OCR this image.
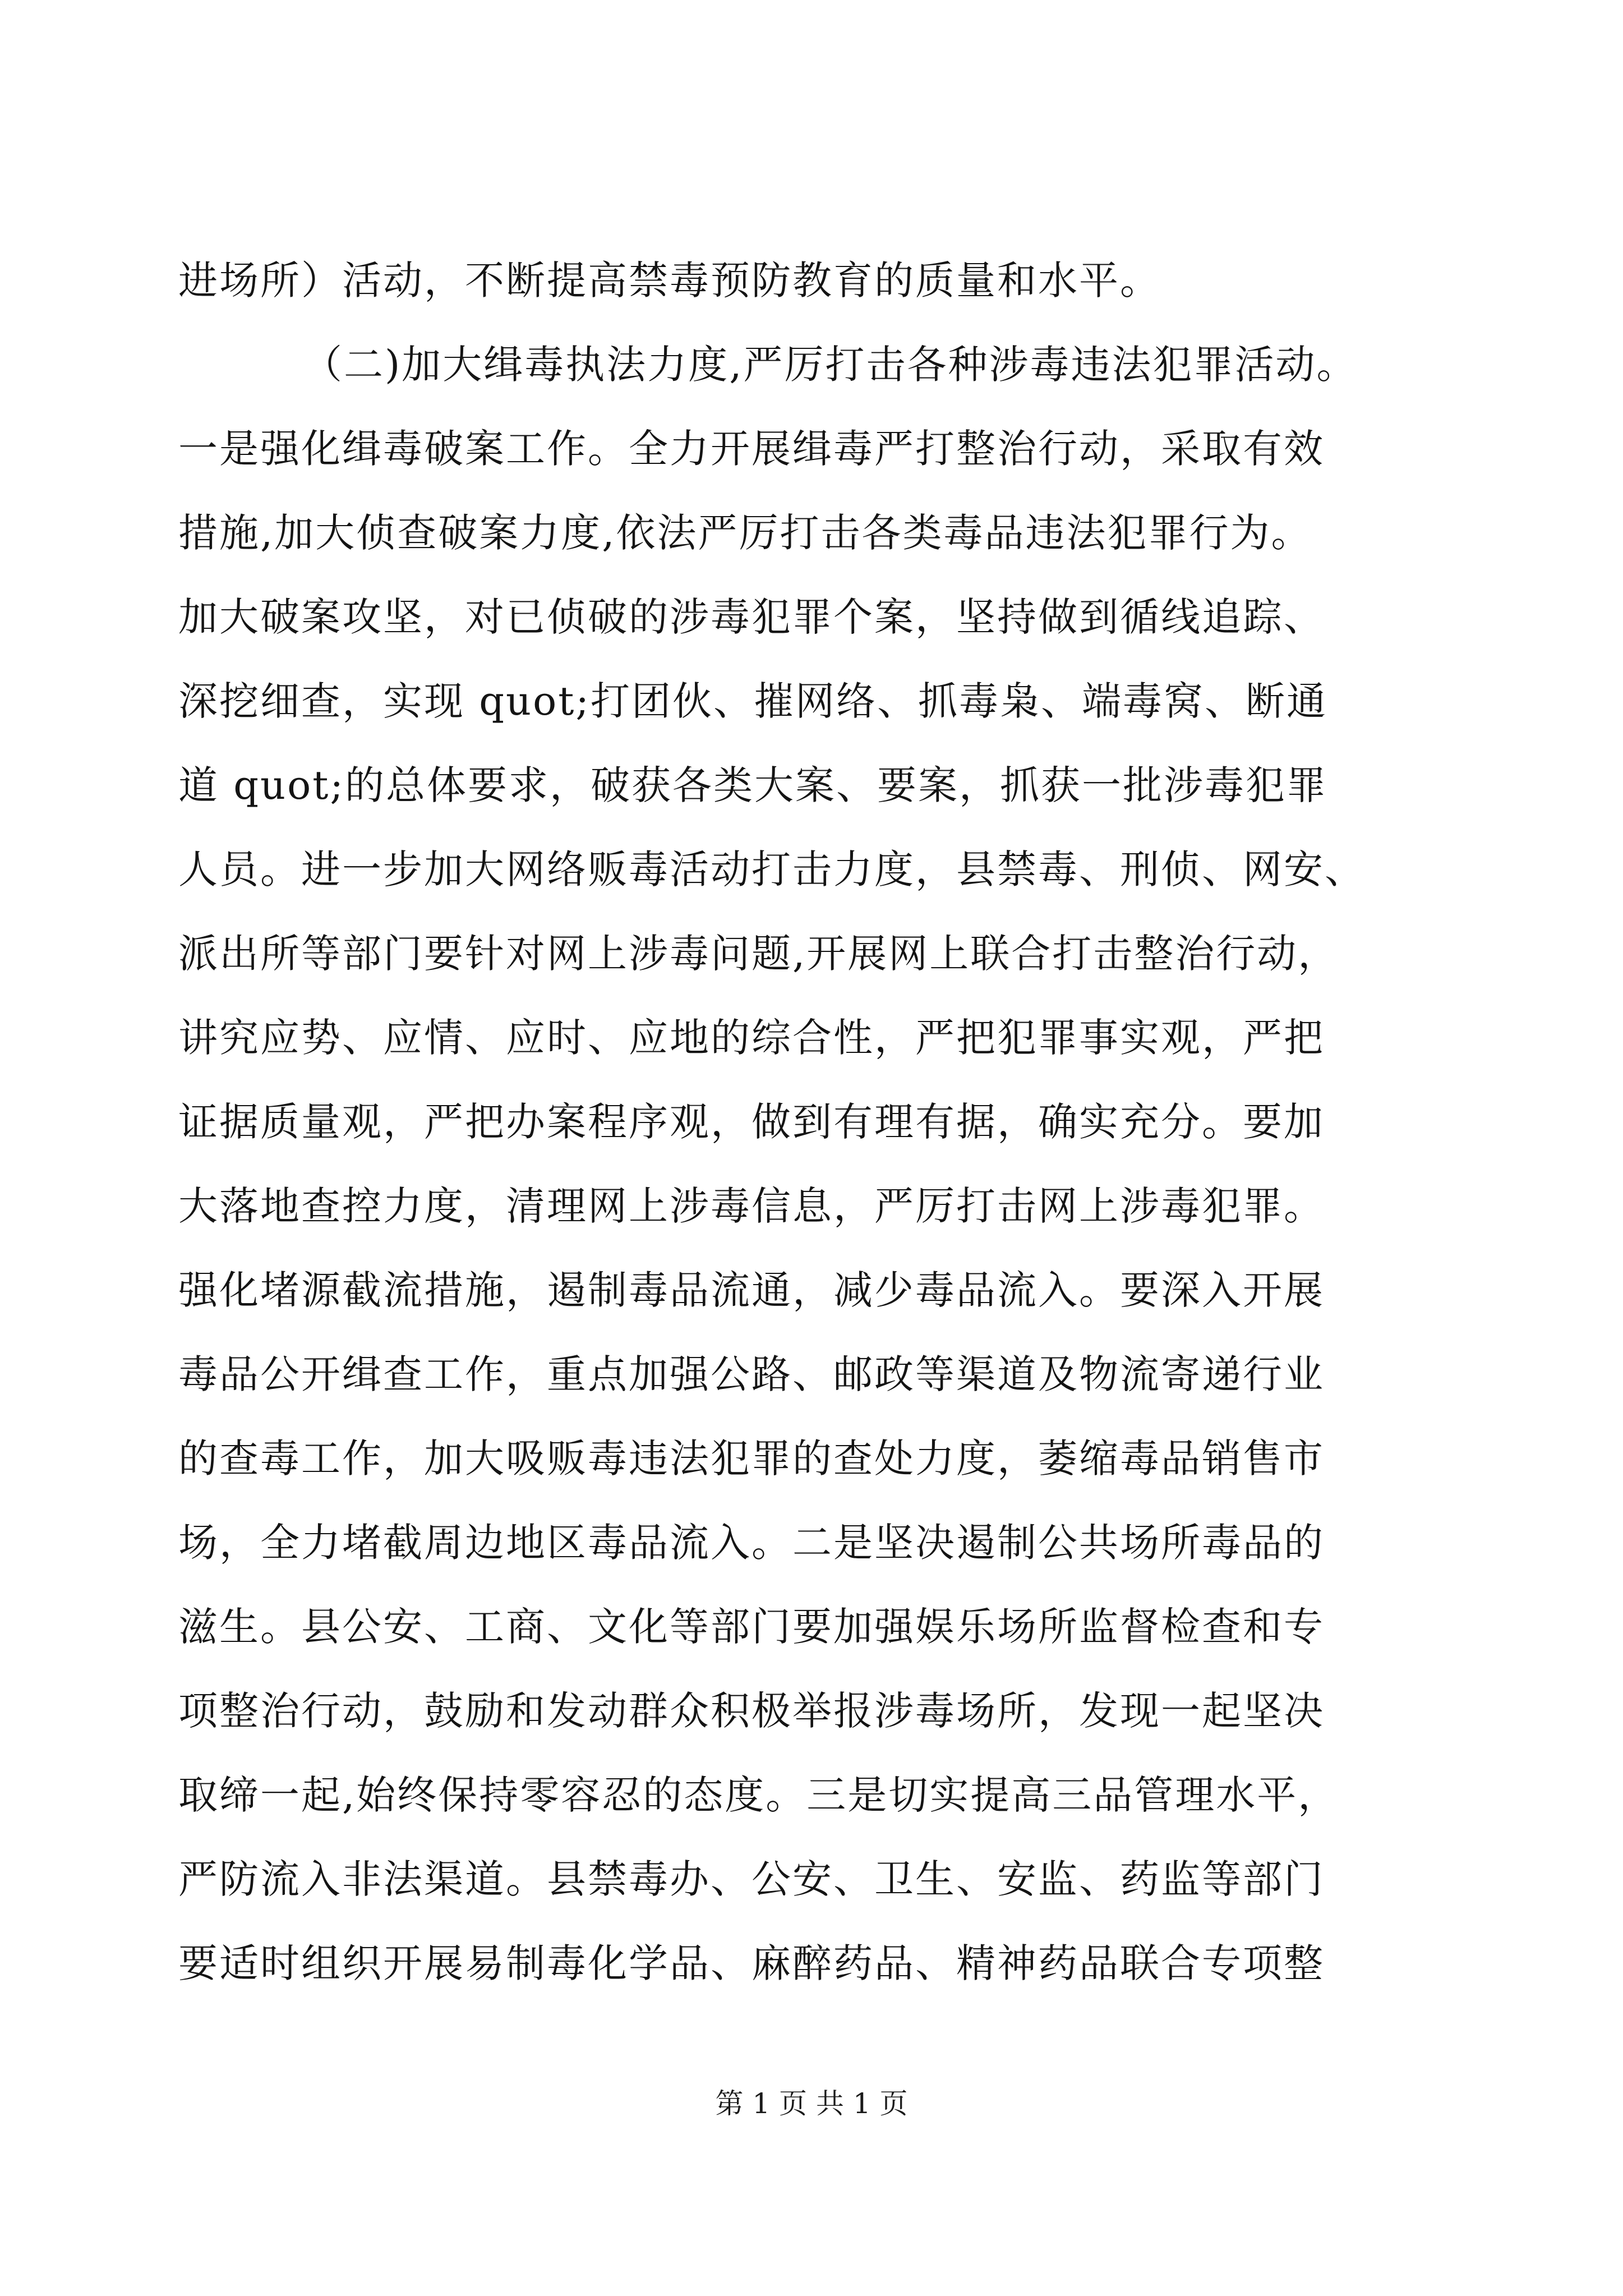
进场所）活动，不断提高禁毒预防教育的质量和水平。
（二)加大缉毒执法力度,严厉打击各种涉毒违法犯罪活动。
一是强化缉毒破案工作。全力开展缉毒严打整治行动，采取有效
措施,加大侦查破案力度,依法严厉打击各类毒品违法犯罪行为。
加大破案攻坚，对已侦破的涉毒犯罪个案，坚持做到循线追踪、
深挖细查，实现 quot;打团伙、摧网络、抓毒枭、端毒窝、断通
道 quot;的总体要求，破获各类大案、要案，抓获一批涉毒犯罪
人员。进一步加大网络贩毒活动打击力度，县禁毒、刑侦、网安、
派出所等部门要针对网上涉毒问题,开展网上联合打击整治行动，
讲究应势、应情、应时、应地的综合性，严把犯罪事实观，严把
证据质量观，严把办案程序观，做到有理有据，确实充分。要加
大落地查控力度，清理网上涉毒信息，严厉打击网上涉毒犯罪。
强化堵源截流措施，遏制毒品流通，减少毒品流入。要深入开展
毒品公开缉查工作，重点加强公路、邮政等渠道及物流寄递行业
的查毒工作，加大吸贩毒违法犯罪的查处力度，萎缩毒品销售市
场，全力堵截周边地区毒品流入。二是坚决遏制公共场所毒品的
滋生。县公安、工商、文化等部门要加强娱乐场所监督检查和专
项整治行动，鼓励和发动群众积极举报涉毒场所，发现一起坚决
取缔一起,始终保持零容忍的态度。三是切实提高三品管理水平，
严防流入非法渠道。县禁毒办、公安、卫生、安监、药监等部门
要适时组织开展易制毒化学品、麻醉药品、精神药品联合专项整
第 1 页 共 1 页
